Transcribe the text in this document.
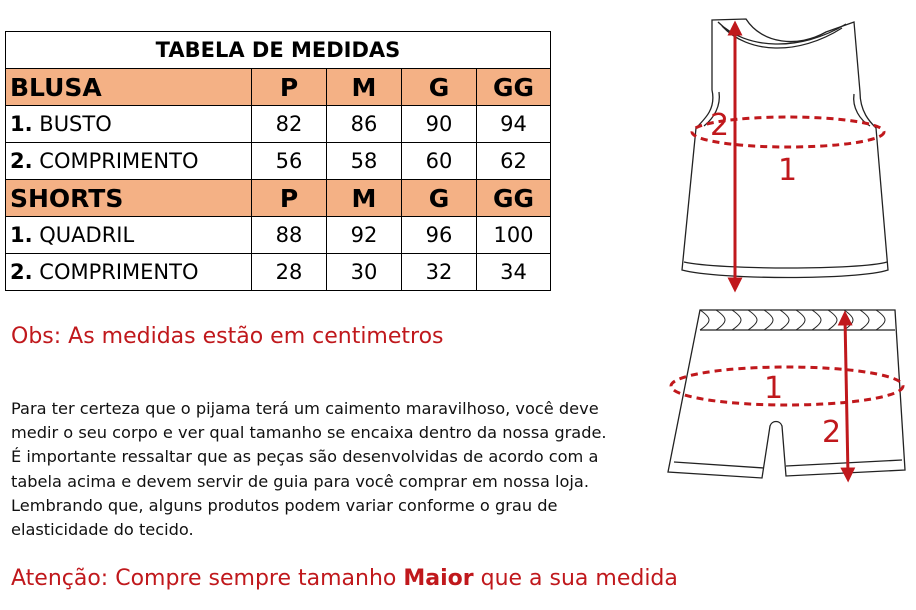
TABELA DE MEDIDAS				
BLUSA	P	M	G	GG
1. BUSTO	82	86	90	94
2. COMPRIMENTO	56	58	60	62
SHORTS	P	M	G	GG
1. QUADRIL	88	92	96	100
2. COMPRIMENTO	28	30	32	34
Obs: As medidas estão em centimetros

Para ter certeza que o pijama terá um caimento maravilhoso, você deve

medir o seu corpo e ver qual tamanho se encaixa dentro da nossa grade.

É importante ressaltar que as peças são desenvolvidas de acordo com a

tabela acima e devem servir de guia para você comprar em nossa loja.

Lembrando que, alguns produtos podem variar conforme o grau de

elasticidade do tecido.

Atenção: Compre sempre tamanho Maior que a sua medida
1
2
1
2
